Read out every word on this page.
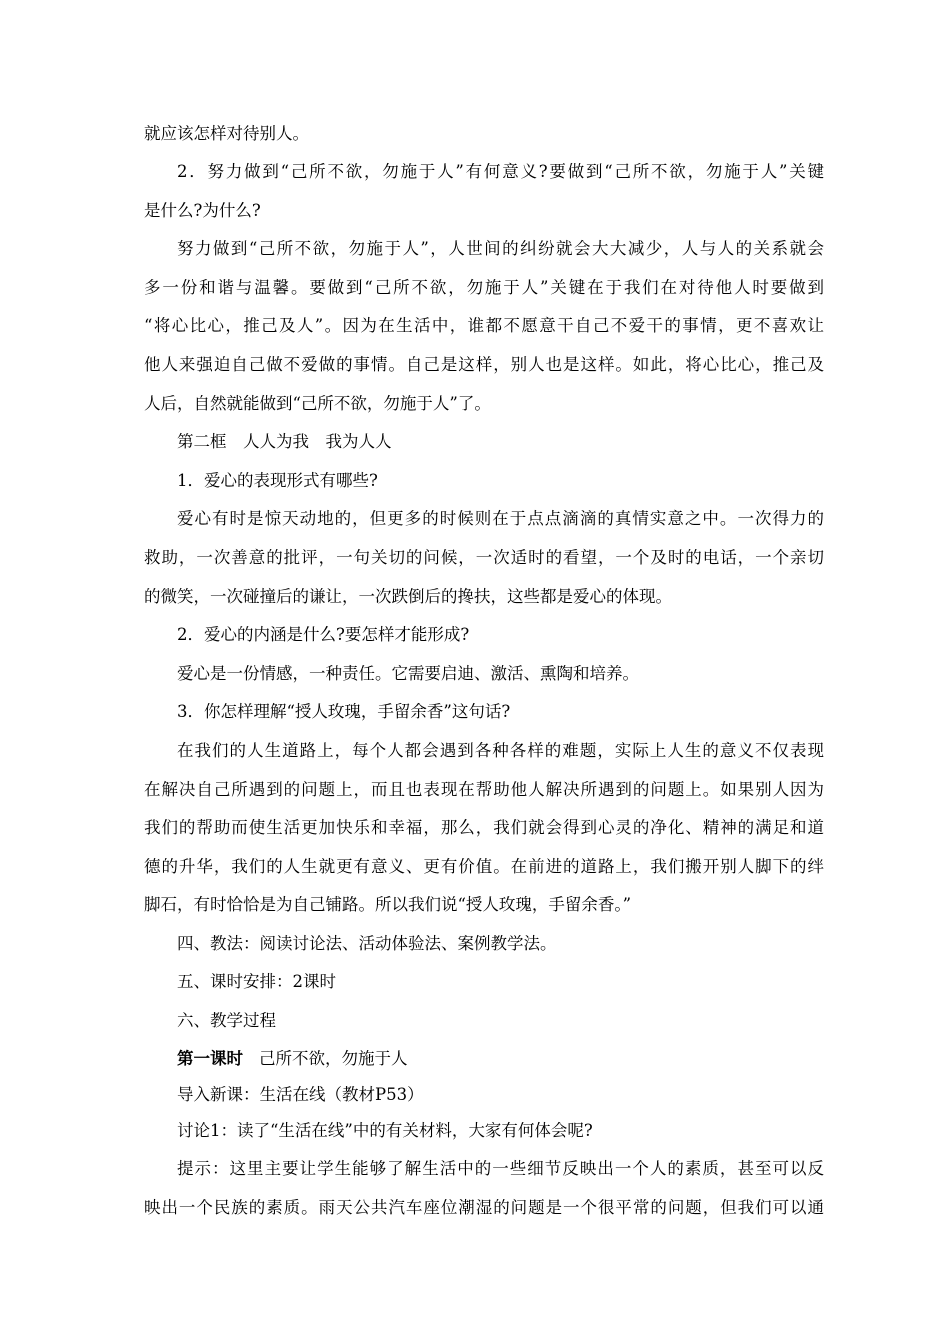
就应该怎样对待别人。
2．努力做到“己所不欲，勿施于人”有何意义?要做到“己所不欲，勿施于人”关键
是什么?为什么?
努力做到“己所不欲，勿施于人”，人世间的纠纷就会大大减少，人与人的关系就会
多一份和谐与温馨。要做到“己所不欲，勿施于人”关键在于我们在对待他人时要做到
“将心比心，推己及人”。因为在生活中，谁都不愿意干自己不爱干的事情，更不喜欢让
他人来强迫自己做不爱做的事情。自己是这样，别人也是这样。如此，将心比心，推己及
人后，自然就能做到“己所不欲，勿施于人”了。
第二框　人人为我　我为人人
1．爱心的表现形式有哪些?
爱心有时是惊天动地的，但更多的时候则在于点点滴滴的真情实意之中。一次得力的
救助，一次善意的批评，一句关切的问候，一次适时的看望，一个及时的电话，一个亲切
的微笑，一次碰撞后的谦让，一次跌倒后的搀扶，这些都是爱心的体现。
2．爱心的内涵是什么?要怎样才能形成?
爱心是一份情感，一种责任。它需要启迪、激活、熏陶和培养。
3．你怎样理解“授人玫瑰，手留余香”这句话?
在我们的人生道路上，每个人都会遇到各种各样的难题，实际上人生的意义不仅表现
在解决自己所遇到的问题上，而且也表现在帮助他人解决所遇到的问题上。如果别人因为
我们的帮助而使生活更加快乐和幸福，那么，我们就会得到心灵的净化、精神的满足和道
德的升华，我们的人生就更有意义、更有价值。在前进的道路上，我们搬开别人脚下的绊
脚石，有时恰恰是为自己铺路。所以我们说“授人玫瑰，手留余香。”
四、教法：阅读讨论法、活动体验法、案例教学法。
五、课时安排：2课时
六、教学过程
第一课时 己所不欲，勿施于人
导入新课：生活在线（教材P53）
讨论1：读了“生活在线”中的有关材料，大家有何体会呢?
提示：这里主要让学生能够了解生活中的一些细节反映出一个人的素质，甚至可以反
映出一个民族的素质。雨天公共汽车座位潮湿的问题是一个很平常的问题，但我们可以通
